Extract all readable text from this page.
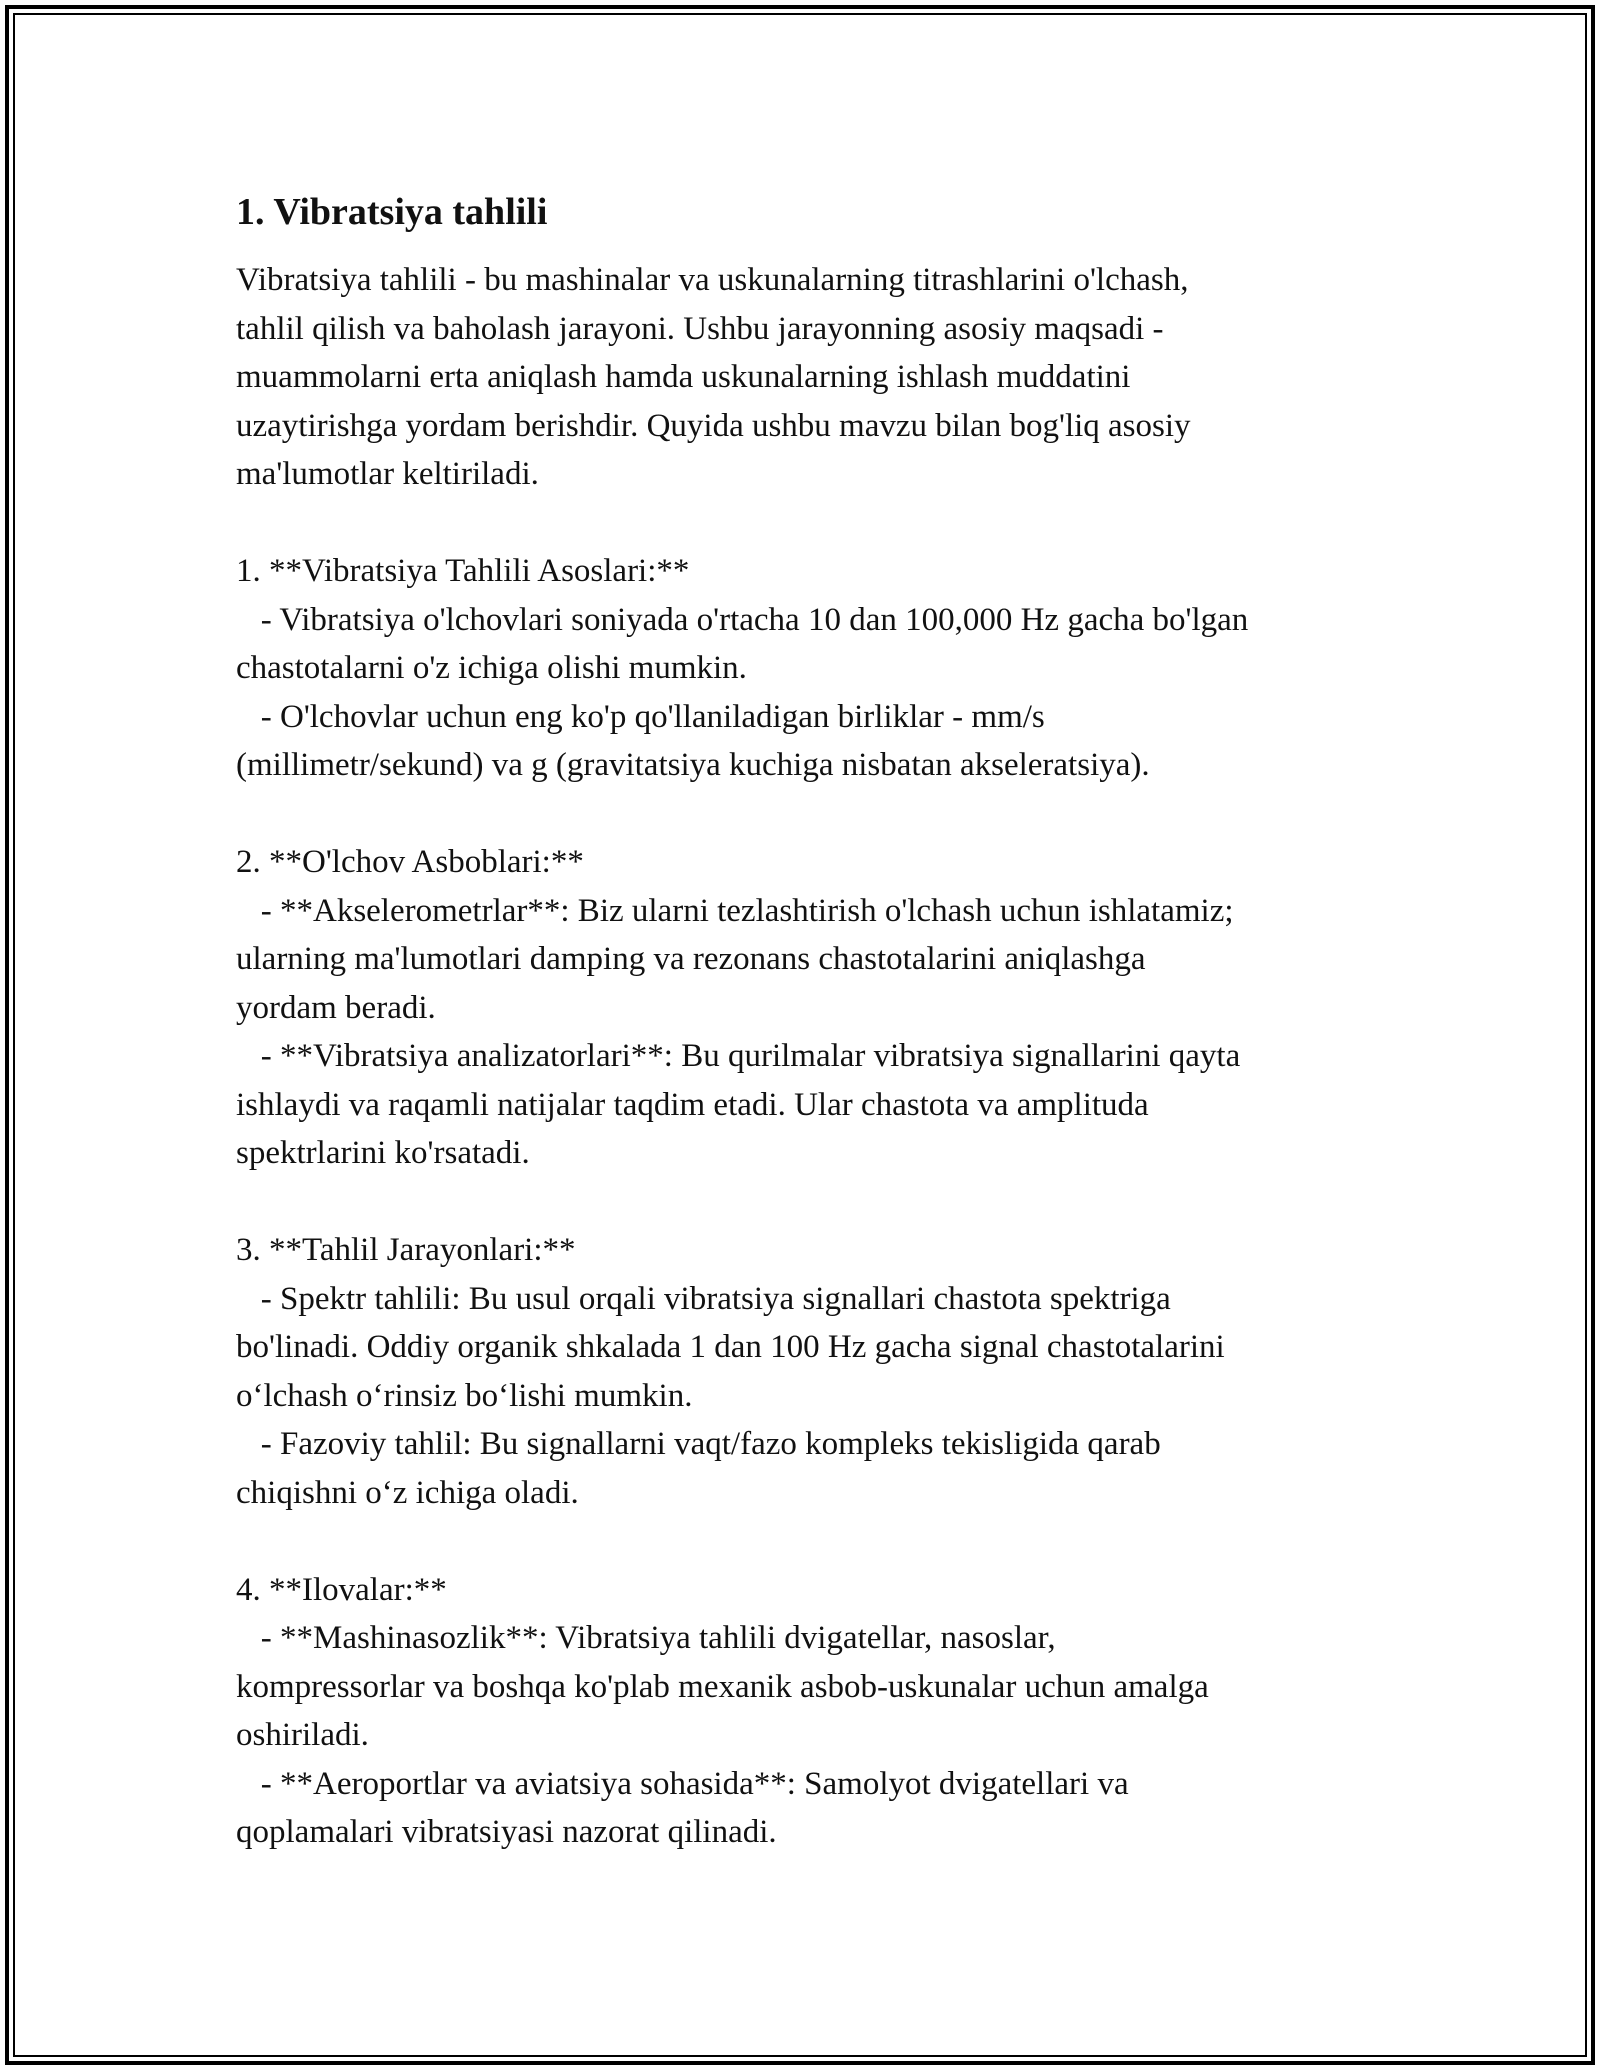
1. Vibratsiya tahlili

Vibratsiya tahlili - bu mashinalar va uskunalarning titrashlarini o'lchash,
tahlil qilish va baholash jarayoni. Ushbu jarayonning asosiy maqsadi -
muammolarni erta aniqlash hamda uskunalarning ishlash muddatini
uzaytirishga yordam berishdir. Quyida ushbu mavzu bilan bog'liq asosiy
ma'lumotlar keltiriladi.

1. **Vibratsiya Tahlili Asoslari:**

- Vibratsiya o'lchovlari soniyada o'rtacha 10 dan 100,000 Hz gacha bo'lgan
chastotalarni o'z ichiga olishi mumkin.

- O'lchovlar uchun eng ko'p qo'llaniladigan birliklar - mm/s
(millimetr/sekund) va g (gravitatsiya kuchiga nisbatan akseleratsiya).

2. **O'lchov Asboblari:**

- **Akselerometrlar**: Biz ularni tezlashtirish o'lchash uchun ishlatamiz;
ularning ma'lumotlari damping va rezonans chastotalarini aniqlashga
yordam beradi.

- **Vibratsiya analizatorlari**: Bu qurilmalar vibratsiya signallarini qayta
ishlaydi va raqamli natijalar taqdim etadi. Ular chastota va amplituda
spektrlarini ko'rsatadi.

3. **Tahlil Jarayonlari:**

- Spektr tahlili: Bu usul orqali vibratsiya signallari chastota spektriga
bo'linadi. Oddiy organik shkalada 1 dan 100 Hz gacha signal chastotalarini
o‘lchash o‘rinsiz bo‘lishi mumkin.

- Fazoviy tahlil: Bu signallarni vaqt/fazo kompleks tekisligida qarab
chiqishni o‘z ichiga oladi.

4. **Ilovalar:**

- **Mashinasozlik**: Vibratsiya tahlili dvigatellar, nasoslar,
kompressorlar va boshqa ko'plab mexanik asbob-uskunalar uchun amalga
oshiriladi.

- **Aeroportlar va aviatsiya sohasida**: Samolyot dvigatellari va
qoplamalari vibratsiyasi nazorat qilinadi.
